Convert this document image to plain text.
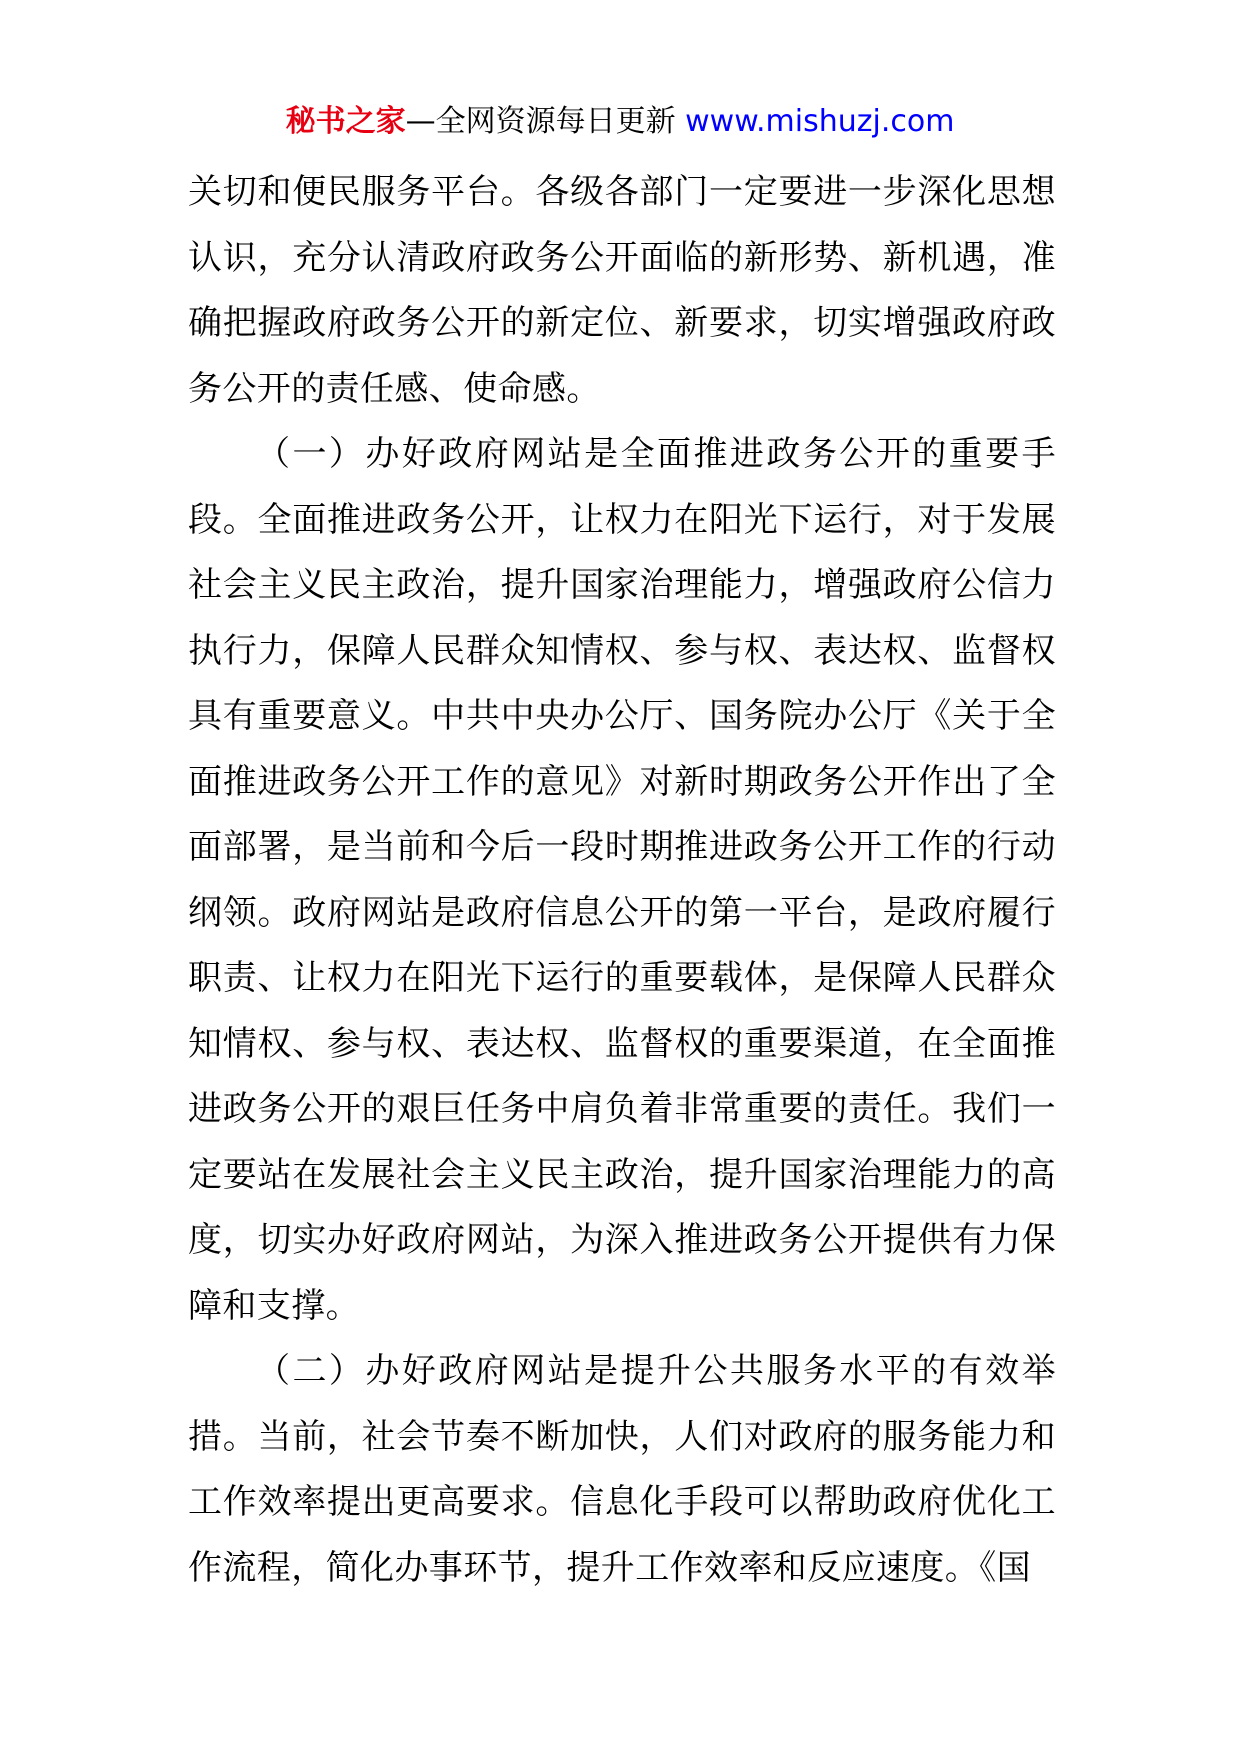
秘书之家—全网资源每日更新 www.mishuzj.com

关切和便民服务平台。各级各部门一定要进一步深化思想认识，充分认清政府政务公开面临的新形势、新机遇，准确把握政府政务公开的新定位、新要求，切实增强政府政务公开的责任感、使命感。

（一）办好政府网站是全面推进政务公开的重要手段。全面推进政务公开，让权力在阳光下运行，对于发展社会主义民主政治，提升国家治理能力，增强政府公信力执行力，保障人民群众知情权、参与权、表达权、监督权具有重要意义。中共中央办公厅、国务院办公厅《关于全面推进政务公开工作的意见》对新时期政务公开作出了全面部署，是当前和今后一段时期推进政务公开工作的行动纲领。政府网站是政府信息公开的第一平台，是政府履行职责、让权力在阳光下运行的重要载体，是保障人民群众知情权、参与权、表达权、监督权的重要渠道，在全面推进政务公开的艰巨任务中肩负着非常重要的责任。我们一定要站在发展社会主义民主政治，提升国家治理能力的高度，切实办好政府网站，为深入推进政务公开提供有力保障和支撑。

（二）办好政府网站是提升公共服务水平的有效举措。当前，社会节奏不断加快，人们对政府的服务能力和工作效率提出更高要求。信息化手段可以帮助政府优化工作流程，简化办事环节，提升工作效率和反应速度。《国
